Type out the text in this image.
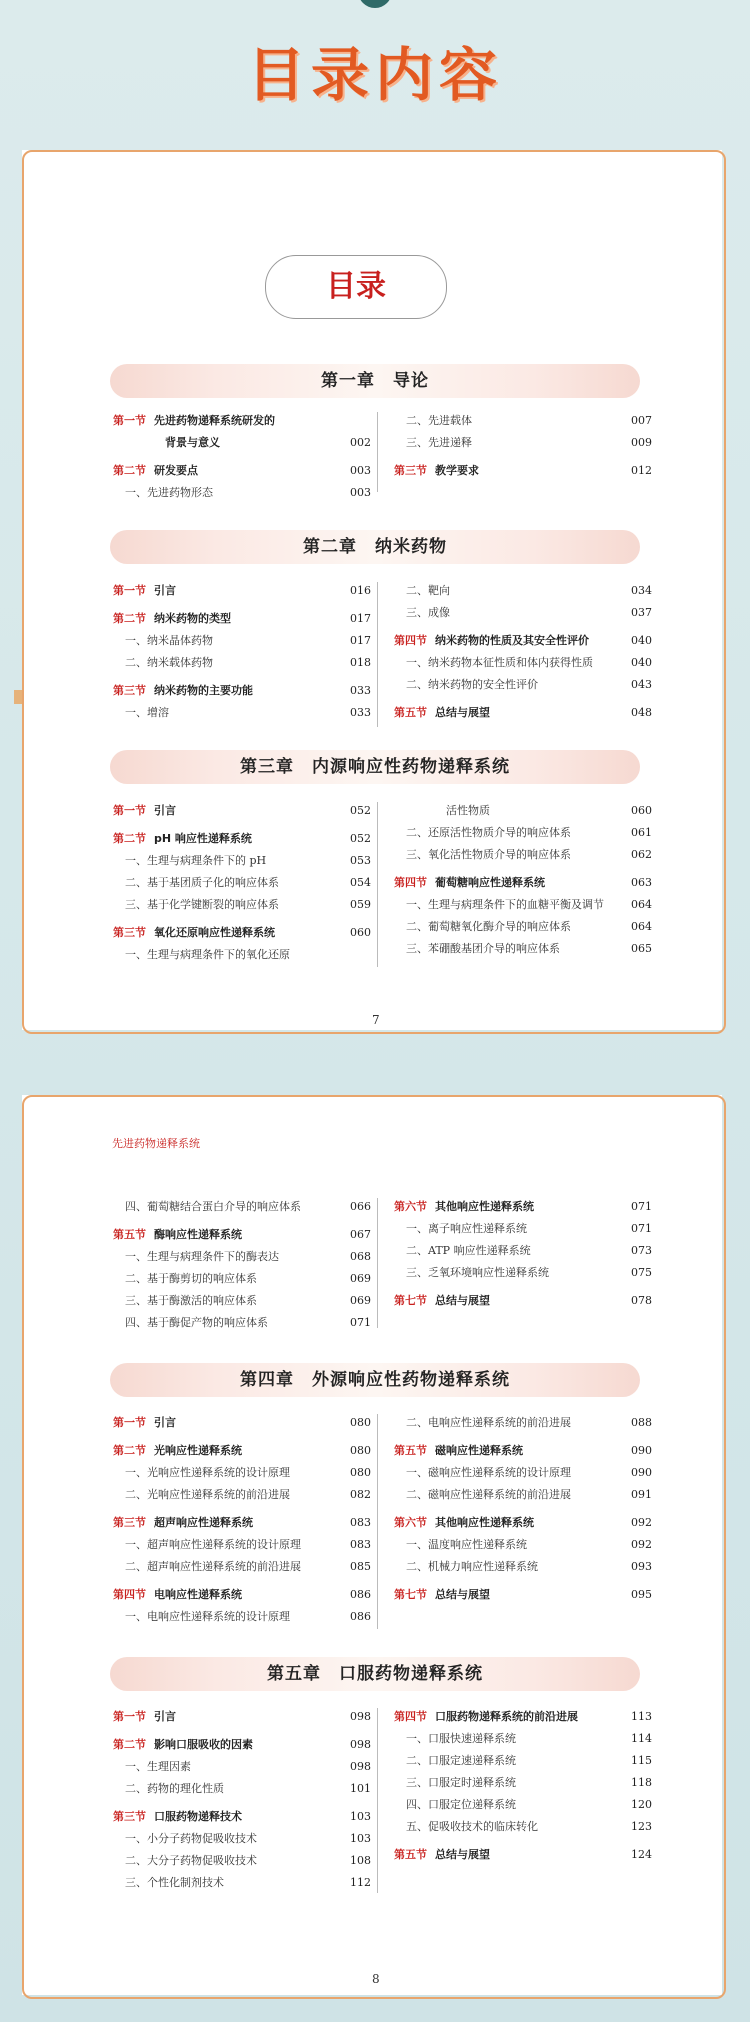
目录内容
目录
第一章　导论
第一节 先进药物递释系统研发的
背景与意义	002
第二节 研发要点	003
一、先进药物形态	003
二、先进载体	007
三、先进递释	009
第三节 教学要求	012
第二章　纳米药物
第一节 引言	016
第二节 纳米药物的类型	017
一、纳米晶体药物	017
二、纳米载体药物	018
第三节 纳米药物的主要功能	033
一、增溶	033
二、靶向	034
三、成像	037
第四节 纳米药物的性质及其安全性评价	040
一、纳米药物本征性质和体内获得性质	040
二、纳米药物的安全性评价	043
第五节 总结与展望	048
第三章　内源响应性药物递释系统
第一节 引言	052
第二节 pH 响应性递释系统	052
一、生理与病理条件下的 pH	053
二、基于基团质子化的响应体系	054
三、基于化学键断裂的响应体系	059
第三节 氧化还原响应性递释系统	060
一、生理与病理条件下的氧化还原
活性物质	060
二、还原活性物质介导的响应体系	061
三、氧化活性物质介导的响应体系	062
第四节 葡萄糖响应性递释系统	063
一、生理与病理条件下的血糖平衡及调节 064
二、葡萄糖氧化酶介导的响应体系	064
三、苯硼酸基团介导的响应体系	065
7
先进药物递释系统
四、葡萄糖结合蛋白介导的响应体系	066
第五节 酶响应性递释系统	067
一、生理与病理条件下的酶表达	068
二、基于酶剪切的响应体系	069
三、基于酶激活的响应体系	069
四、基于酶促产物的响应体系	071
第六节 其他响应性递释系统	071
一、离子响应性递释系统	071
二、ATP 响应性递释系统	073
三、乏氧环境响应性递释系统	075
第七节 总结与展望	078
第四章　外源响应性药物递释系统
第一节 引言	080
第二节 光响应性递释系统	080
一、光响应性递释系统的设计原理	080
二、光响应性递释系统的前沿进展	082
第三节 超声响应性递释系统	083
一、超声响应性递释系统的设计原理	083
二、超声响应性递释系统的前沿进展	085
第四节 电响应性递释系统	086
一、电响应性递释系统的设计原理	086
二、电响应性递释系统的前沿进展	088
第五节 磁响应性递释系统	090
一、磁响应性递释系统的设计原理	090
二、磁响应性递释系统的前沿进展	091
第六节 其他响应性递释系统	092
一、温度响应性递释系统	092
二、机械力响应性递释系统	093
第七节 总结与展望	095
第五章　口服药物递释系统
第一节 引言	098
第二节 影响口服吸收的因素	098
一、生理因素	098
二、药物的理化性质	101
第三节 口服药物递释技术	103
一、小分子药物促吸收技术	103
二、大分子药物促吸收技术	108
三、个性化制剂技术	112
第四节 口服药物递释系统的前沿进展	113
一、口服快速递释系统	114
二、口服定速递释系统	115
三、口服定时递释系统	118
四、口服定位递释系统	120
五、促吸收技术的临床转化	123
第五节 总结与展望	124
8
